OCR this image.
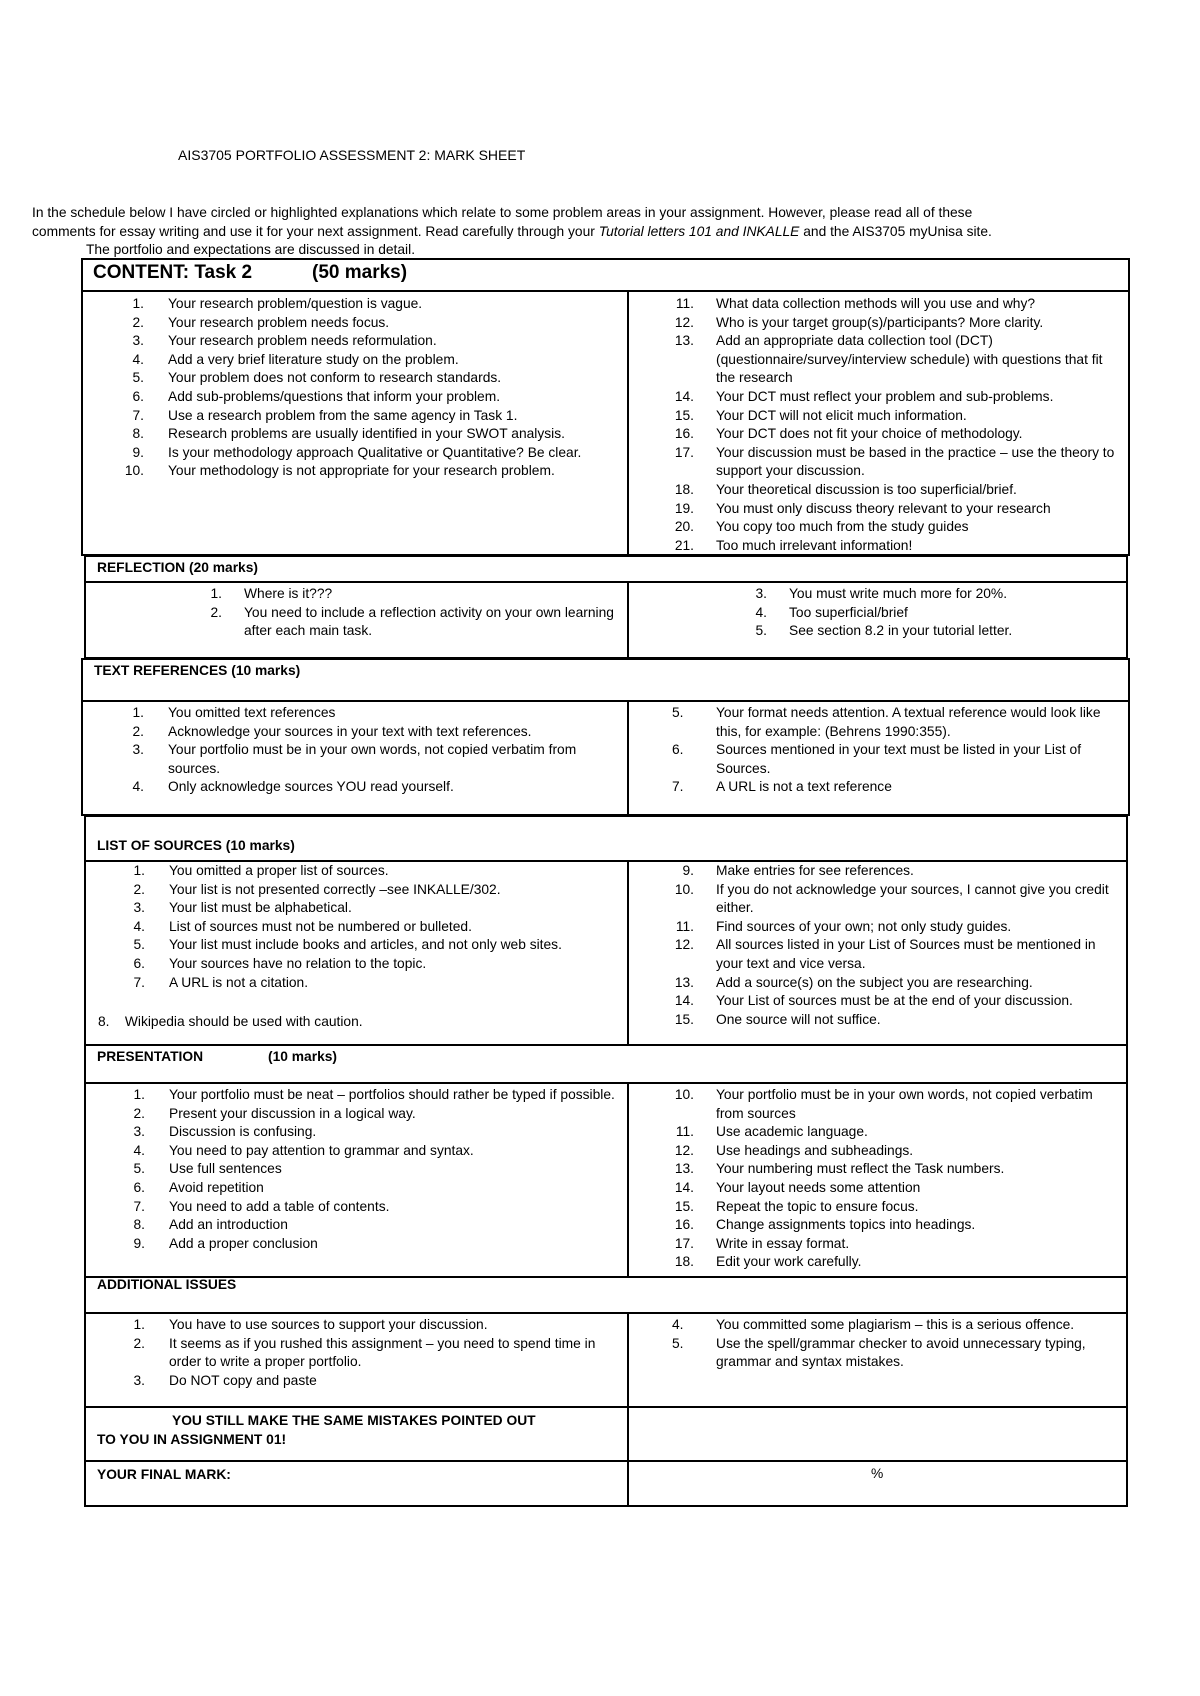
AIS3705 PORTFOLIO ASSESSMENT 2: MARK SHEET
In the schedule below I have circled or highlighted explanations which relate to some problem areas in your assignment. However, please read all of these
comments for essay writing and use it for your next assignment. Read carefully through your Tutorial letters 101 and INKALLE and the AIS3705 myUnisa site.
The portfolio and expectations are discussed in detail.
CONTENT: Task 2	(50 marks)
1. Your research problem/question is vague.
2. Your research problem needs focus.
3. Your research problem needs reformulation.
4. Add a very brief literature study on the problem.
5. Your problem does not conform to research standards.
6. Add sub-problems/questions that inform your problem.
7. Use a research problem from the same agency in Task 1.
8. Research problems are usually identified in your SWOT analysis.
9. Is your methodology approach Qualitative or Quantitative? Be clear.
10. Your methodology is not appropriate for your research problem.
11. What data collection methods will you use and why?
12. Who is your target group(s)/participants? More clarity.
13. Add an appropriate data collection tool (DCT) (questionnaire/survey/interview schedule) with questions that fit the research
14. Your DCT must reflect your problem and sub-problems.
15. Your DCT will not elicit much information.
16. Your DCT does not fit your choice of methodology.
17. Your discussion must be based in the practice – use the theory to support your discussion.
18. Your theoretical discussion is too superficial/brief.
19. You must only discuss theory relevant to your research
20. You copy too much from the study guides
21. Too much irrelevant information!
REFLECTION (20 marks)
1. Where is it???
2. You need to include a reflection activity on your own learning after each main task.
3. You must write much more for 20%.
4. Too superficial/brief
5. See section 8.2 in your tutorial letter.
TEXT REFERENCES (10 marks)
1. You omitted text references
2. Acknowledge your sources in your text with text references.
3. Your portfolio must be in your own words, not copied verbatim from sources.
4. Only acknowledge sources YOU read yourself.
5. Your format needs attention. A textual reference would look like this, for example: (Behrens 1990:355).
6. Sources mentioned in your text must be listed in your List of Sources.
7. A URL is not a text reference
LIST OF SOURCES (10 marks)
1. You omitted a proper list of sources.
2. Your list is not presented correctly –see INKALLE/302.
3. Your list must be alphabetical.
4. List of sources must not be numbered or bulleted.
5. Your list must include books and articles, and not only web sites.
6. Your sources have no relation to the topic.
7. A URL is not a citation.
8. Wikipedia should be used with caution.
9. Make entries for see references.
10. If you do not acknowledge your sources, I cannot give you credit either.
11. Find sources of your own; not only study guides.
12. All sources listed in your List of Sources must be mentioned in your text and vice versa.
13. Add a source(s) on the subject you are researching.
14. Your List of sources must be at the end of your discussion.
15. One source will not suffice.
PRESENTATION	(10 marks)
1. Your portfolio must be neat – portfolios should rather be typed if possible.
2. Present your discussion in a logical way.
3. Discussion is confusing.
4. You need to pay attention to grammar and syntax.
5. Use full sentences
6. Avoid repetition
7. You need to add a table of contents.
8. Add an introduction
9. Add a proper conclusion
10. Your portfolio must be in your own words, not copied verbatim from sources
11. Use academic language.
12. Use headings and subheadings.
13. Your numbering must reflect the Task numbers.
14. Your layout needs some attention
15. Repeat the topic to ensure focus.
16. Change assignments topics into headings.
17. Write in essay format.
18. Edit your work carefully.
ADDITIONAL ISSUES
1. You have to use sources to support your discussion.
2. It seems as if you rushed this assignment – you need to spend time in order to write a proper portfolio.
3. Do NOT copy and paste
4. You committed some plagiarism – this is a serious offence.
5. Use the spell/grammar checker to avoid unnecessary typing, grammar and syntax mistakes.
YOU STILL MAKE THE SAME MISTAKES POINTED OUT
TO YOU IN ASSIGNMENT 01!
YOUR FINAL MARK:	%
